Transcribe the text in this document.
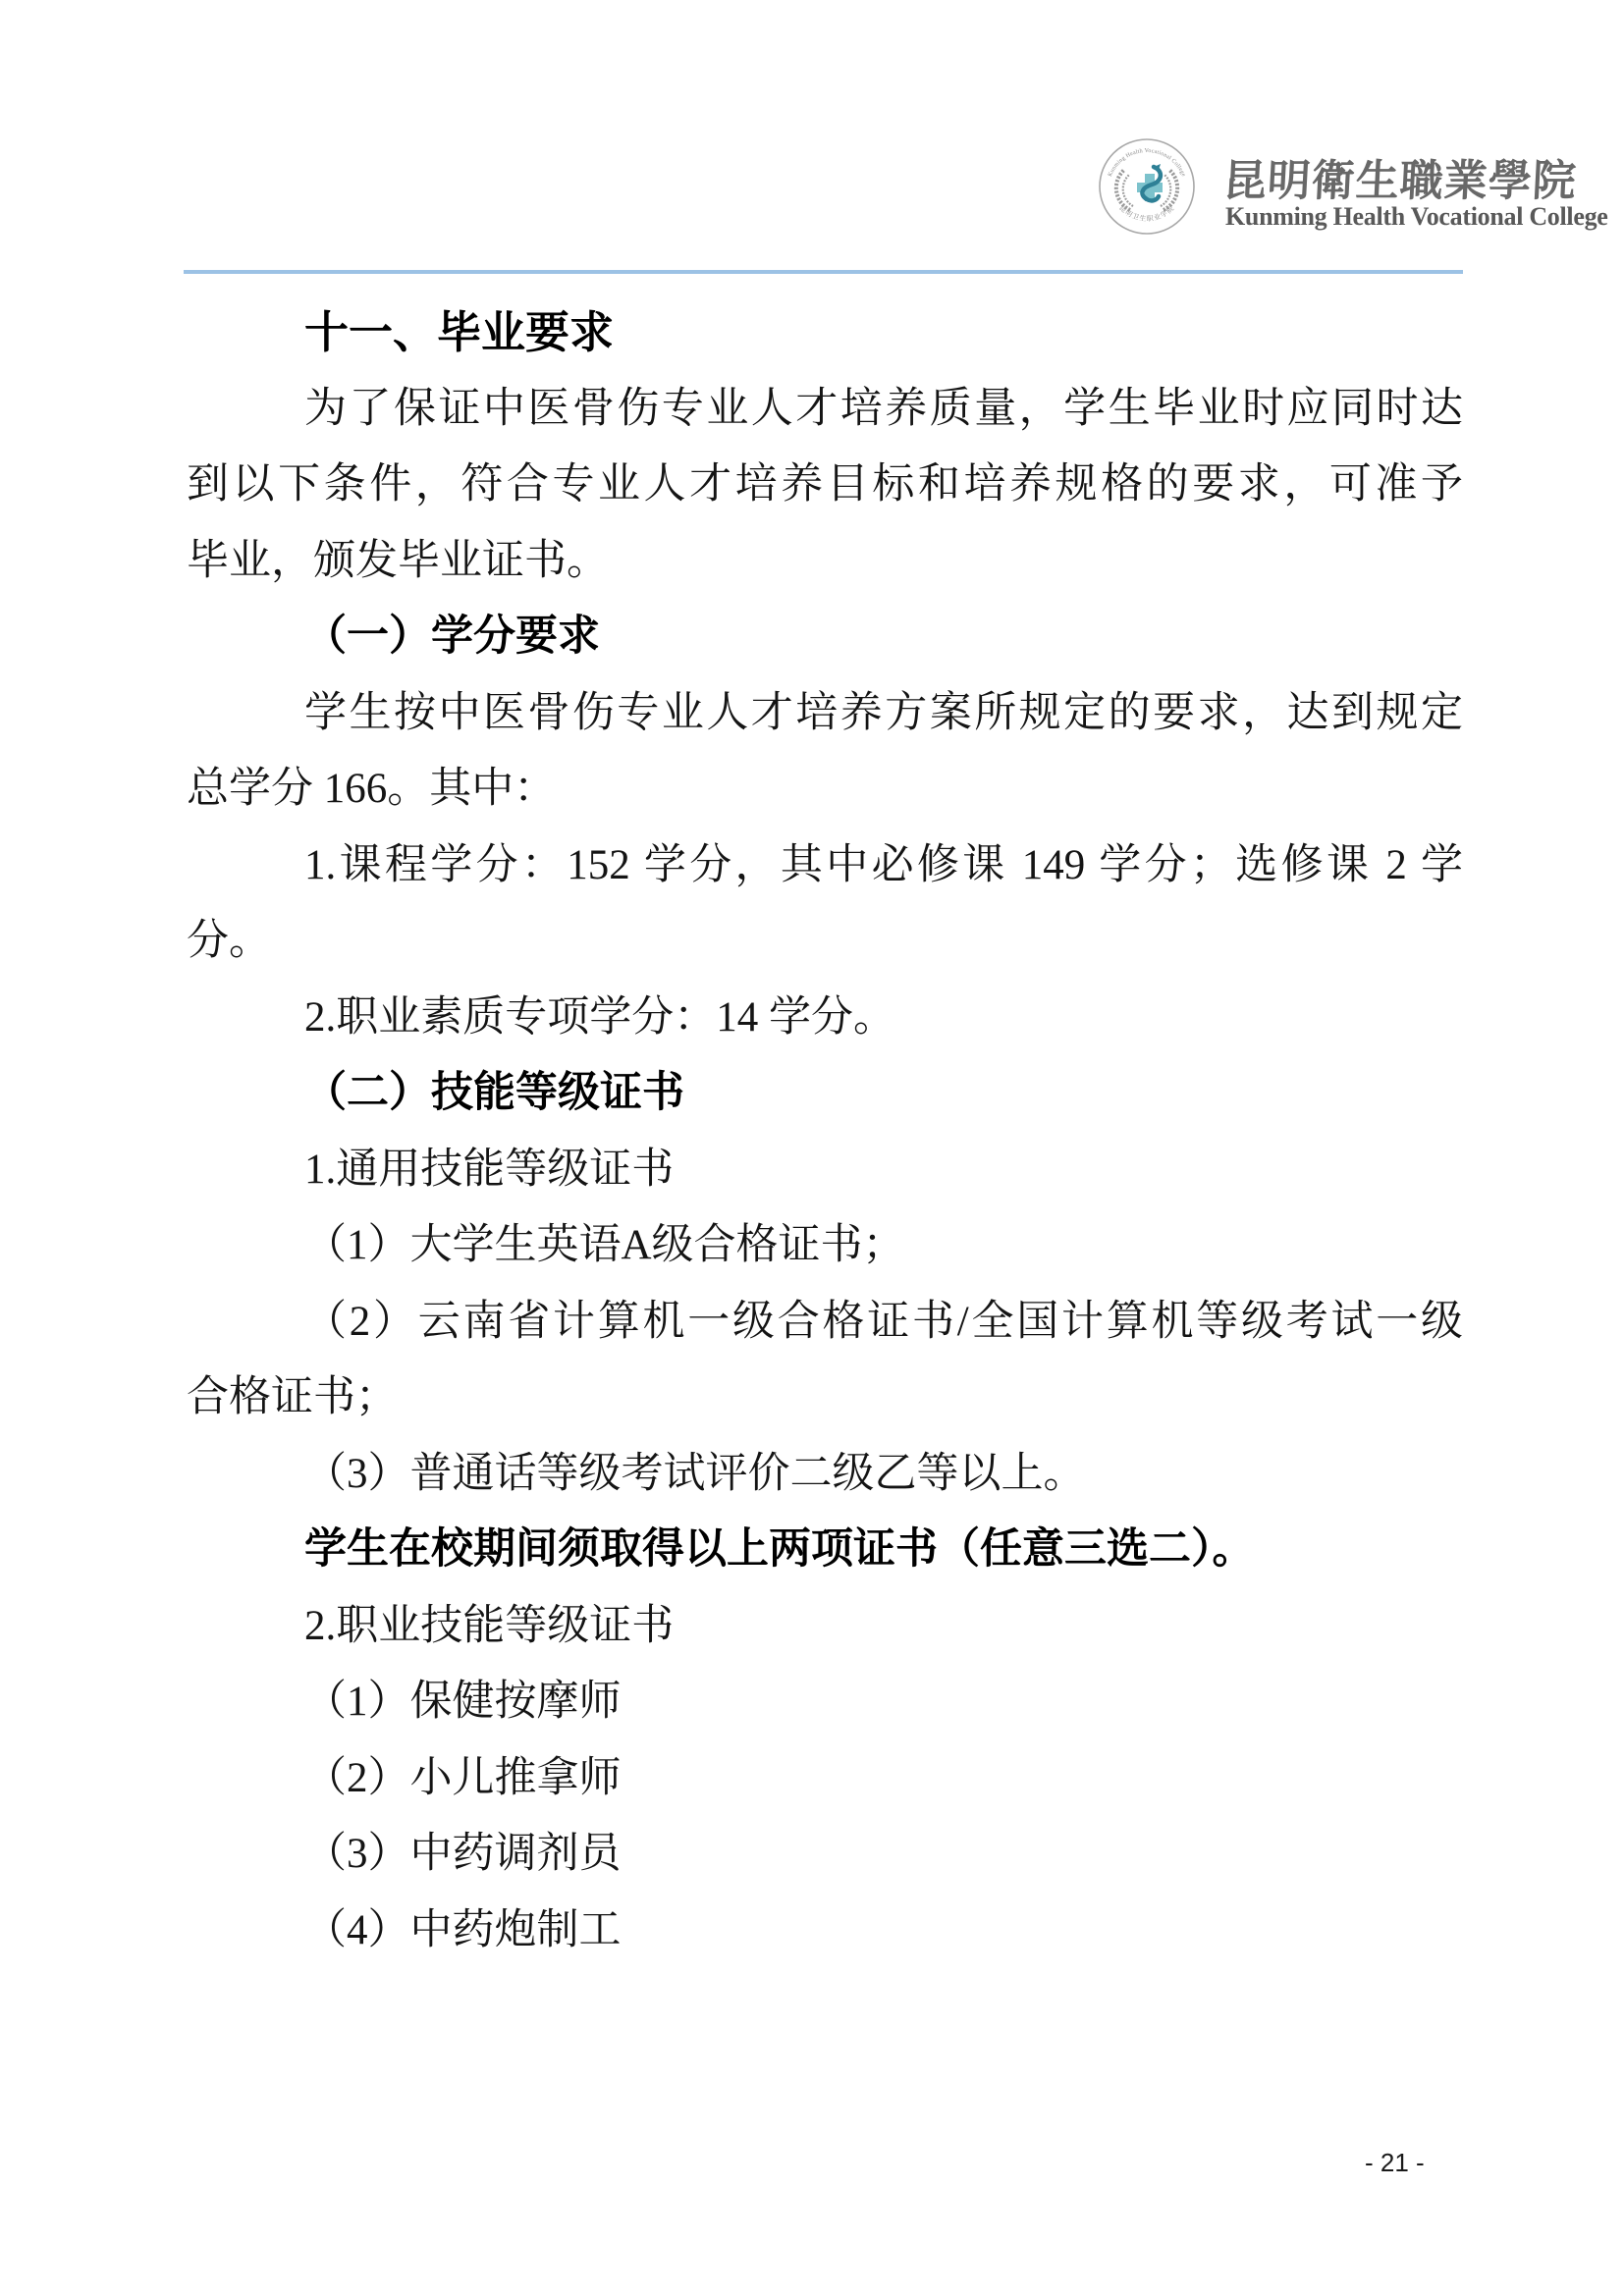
Kunming Health Vocational College
昆明卫生职业学院
昆明衛生職業學院
Kunming Health Vocational College
十一、毕业要求
为了保证中医骨伤专业人才培养质量，学生毕业时应同时达
到以下条件，符合专业人才培养目标和培养规格的要求，可准予
毕业，颁发毕业证书。
（一）学分要求
学生按中医骨伤专业人才培养方案所规定的要求，达到规定
总学分 166。其中：
1.课程学分：152 学分，其中必修课 149 学分；选修课 2 学
分。
2.职业素质专项学分：14 学分。
（二）技能等级证书
1.通用技能等级证书
（1）大学生英语A级合格证书；
（2）云南省计算机一级合格证书/全国计算机等级考试一级
合格证书；
（3）普通话等级考试评价二级乙等以上。
学生在校期间须取得以上两项证书（任意三选二）。
2.职业技能等级证书
（1）保健按摩师
（2）小儿推拿师
（3）中药调剂员
（4）中药炮制工
- 21 -
